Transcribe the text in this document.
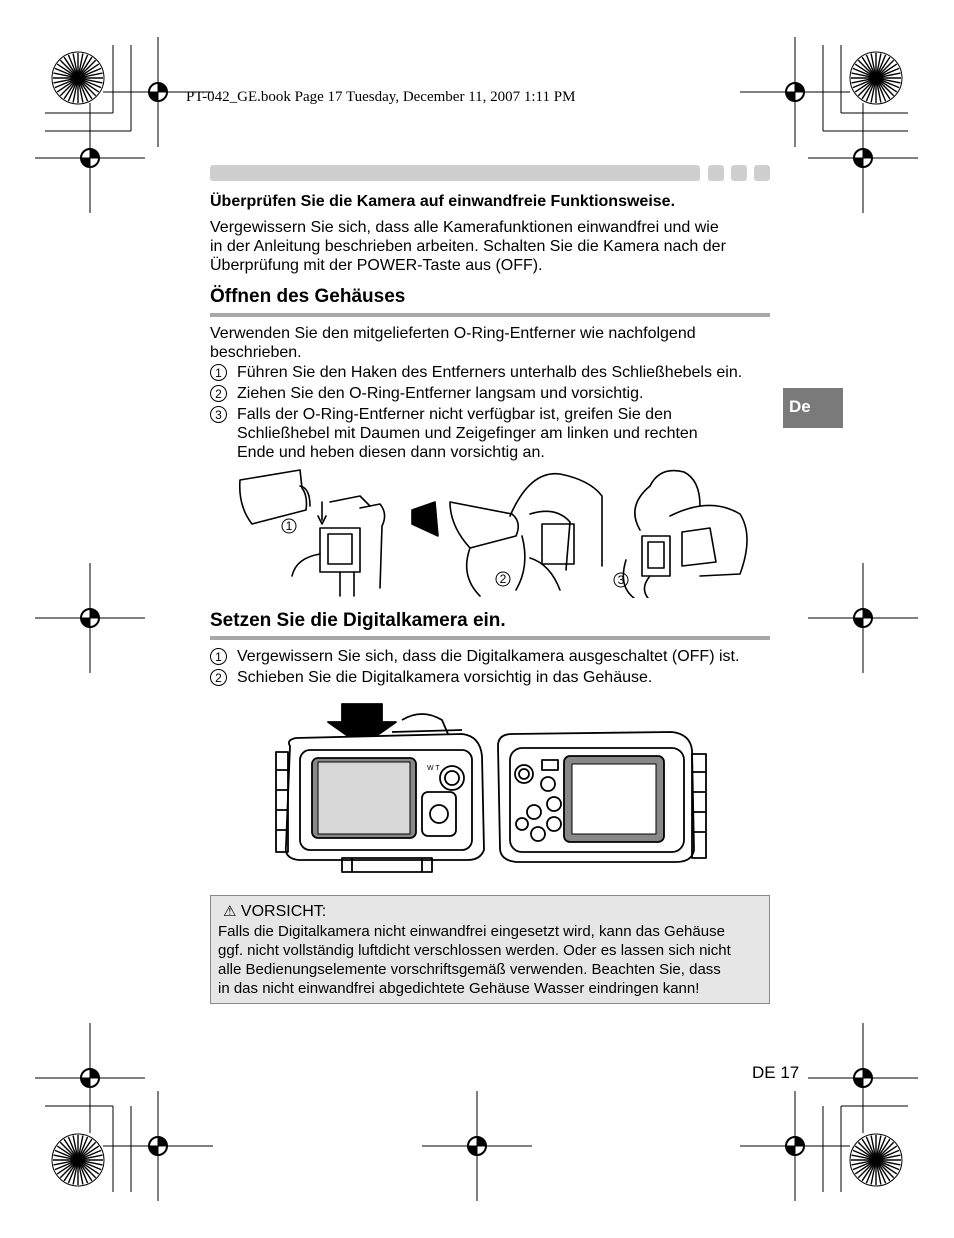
PT-042_GE.book Page 17 Tuesday, December 11, 2007 1:11 PM
Überprüfen Sie die Kamera auf einwandfreie Funktionsweise.
Vergewissern Sie sich, dass alle Kamerafunktionen einwandfrei und wie
in der Anleitung beschrieben arbeiten. Schalten Sie die Kamera nach der
Überprüfung mit der POWER-Taste aus (OFF).
Öffnen des Gehäuses
Verwenden Sie den mitgelieferten O-Ring-Entferner wie nachfolgend
beschrieben.
1 Führen Sie den Haken des Entferners unterhalb des Schließhebels ein.
2 Ziehen Sie den O-Ring-Entferner langsam und vorsichtig.
3 Falls der O-Ring-Entferner nicht verfügbar ist, greifen Sie den
Schließhebel mit Daumen und Zeigefinger am linken und rechten
Ende und heben diesen dann vorsichtig an.
De
1
2	3
Setzen Sie die Digitalkamera ein.
1 Vergewissern Sie sich, dass die Digitalkamera ausgeschaltet (OFF) ist.
2 Schieben Sie die Digitalkamera vorsichtig in das Gehäuse.
W T
⚠ VORSICHT:
Falls die Digitalkamera nicht einwandfrei eingesetzt wird, kann das Gehäuse
ggf. nicht vollständig luftdicht verschlossen werden. Oder es lassen sich nicht
alle Bedienungselemente vorschriftsgemäß verwenden. Beachten Sie, dass
in das nicht einwandfrei abgedichtete Gehäuse Wasser eindringen kann!
DE 17
